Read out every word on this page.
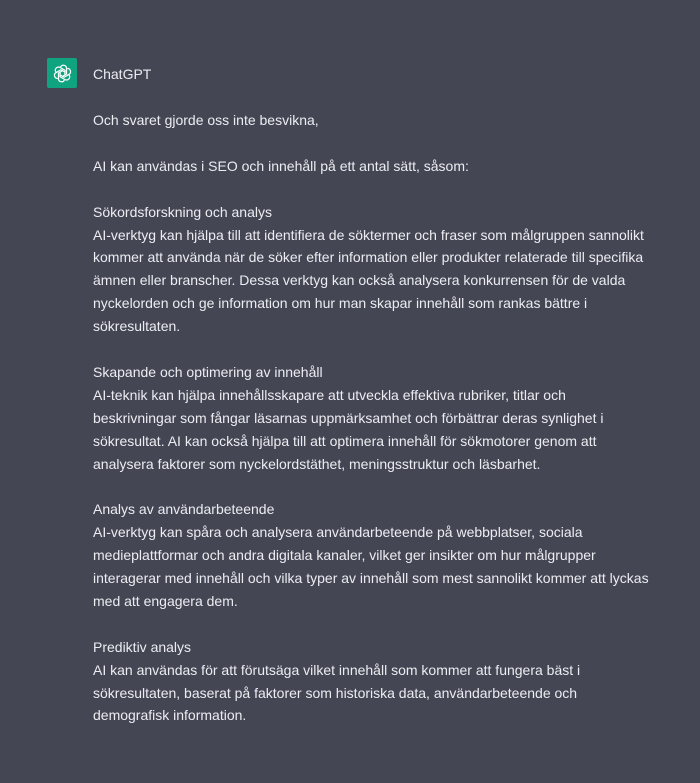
ChatGPT

Och svaret gjorde oss inte besvikna,

AI kan användas i SEO och innehåll på ett antal sätt, såsom:

Sökordsforskning och analys

AI-verktyg kan hjälpa till att identifiera de söktermer och fraser som målgruppen sannolikt kommer att använda när de söker efter information eller produkter relaterade till specifika ämnen eller branscher. Dessa verktyg kan också analysera konkurrensen för de valda nyckelorden och ge information om hur man skapar innehåll som rankas bättre i sökresultaten.

Skapande och optimering av innehåll

AI-teknik kan hjälpa innehållsskapare att utveckla effektiva rubriker, titlar och beskrivningar som fångar läsarnas uppmärksamhet och förbättrar deras synlighet i sökresultat. AI kan också hjälpa till att optimera innehåll för sökmotorer genom att analysera faktorer som nyckelordstäthet, meningsstruktur och läsbarhet.

Analys av användarbeteende

AI-verktyg kan spåra och analysera användarbeteende på webbplatser, sociala medieplattformar och andra digitala kanaler, vilket ger insikter om hur målgrupper interagerar med innehåll och vilka typer av innehåll som mest sannolikt kommer att lyckas med att engagera dem.

Prediktiv analys

AI kan användas för att förutsäga vilket innehåll som kommer att fungera bäst i sökresultaten, baserat på faktorer som historiska data, användarbeteende och demografisk information.
